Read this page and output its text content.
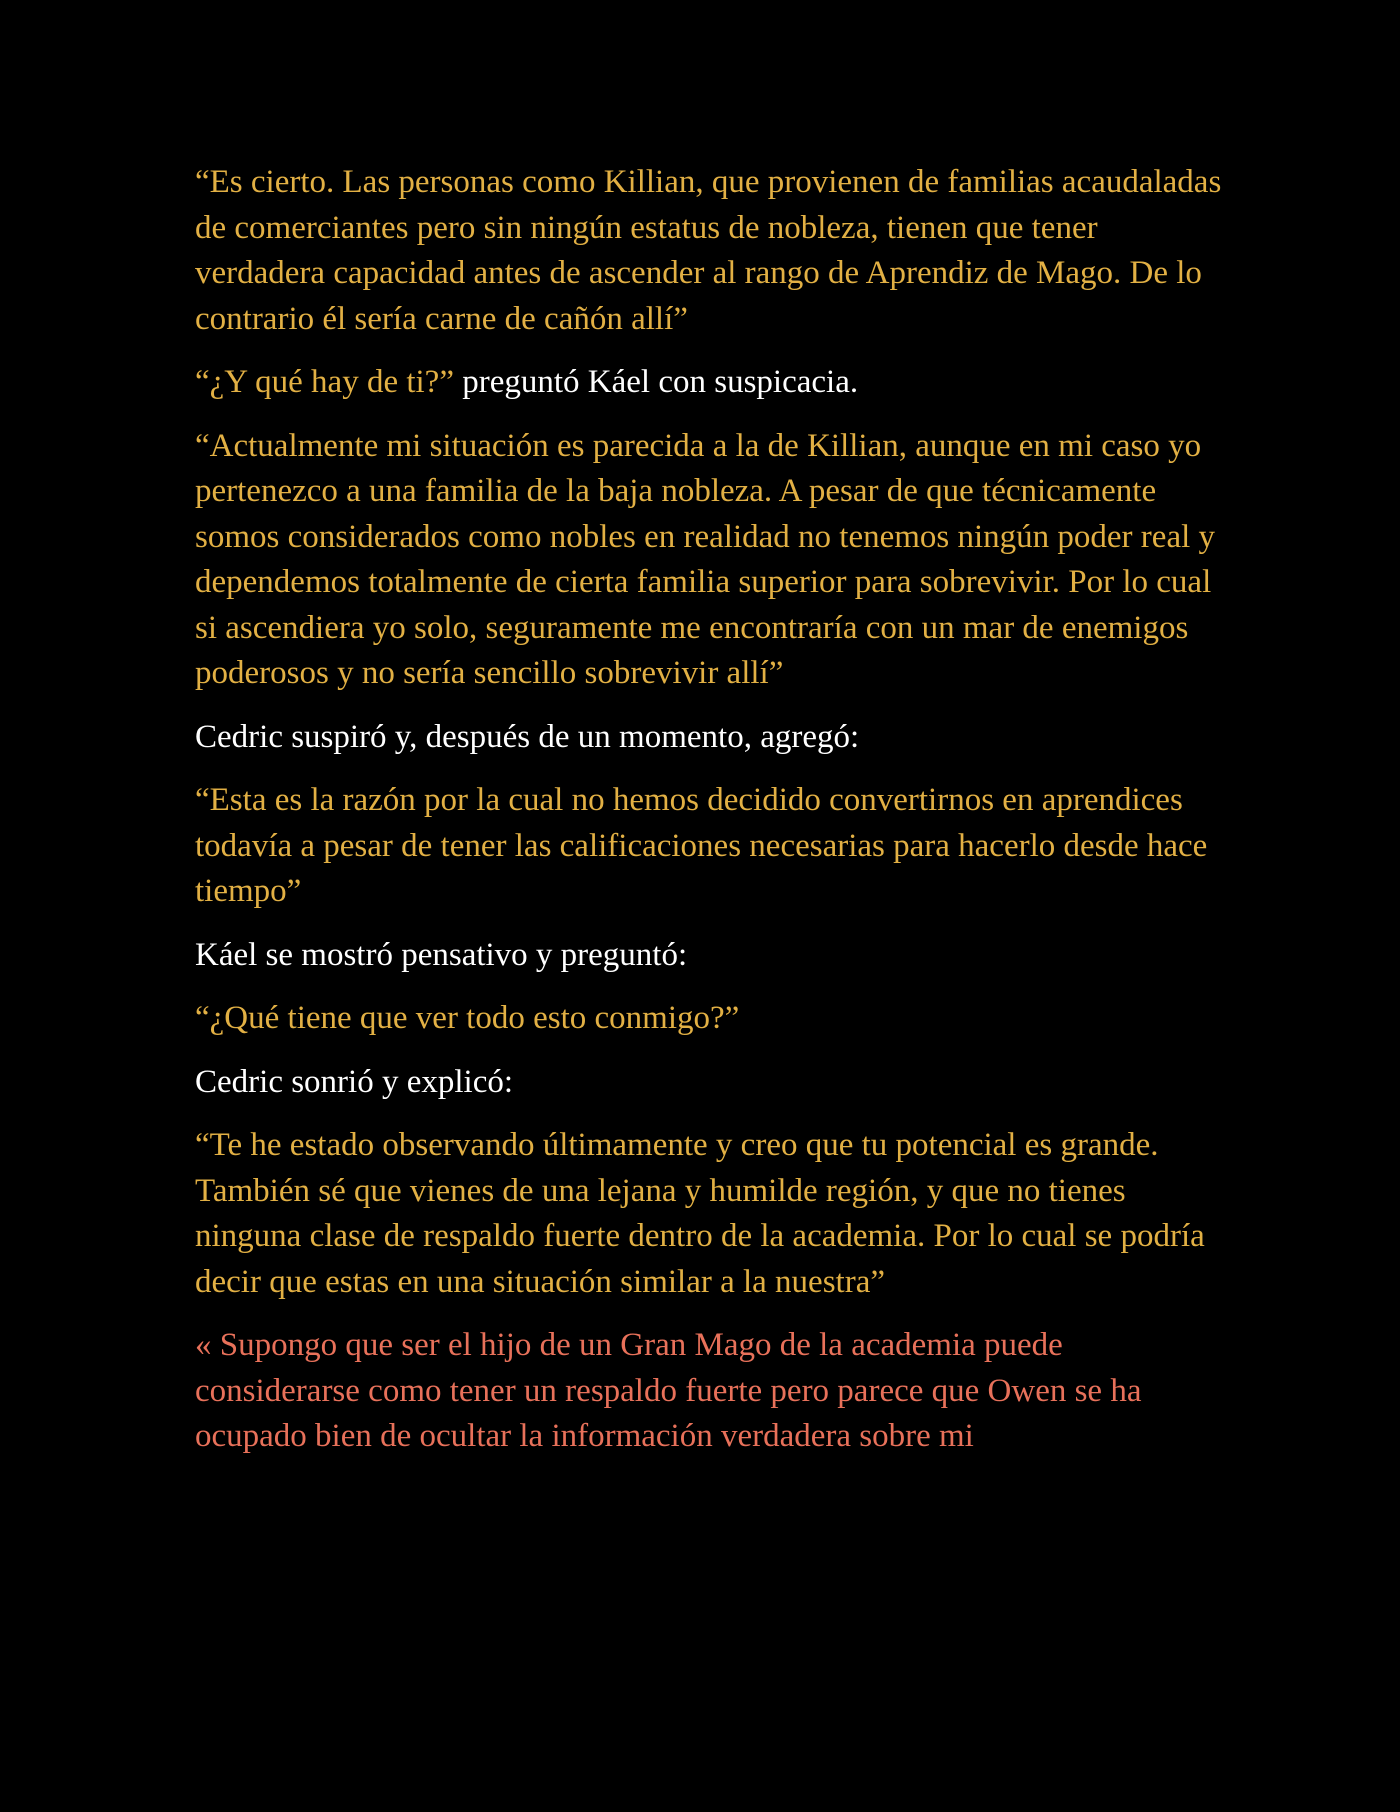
“Es cierto. Las personas como Killian, que provienen de familias acaudaladas de comerciantes pero sin ningún estatus de nobleza, tienen que tener verdadera capacidad antes de ascender al rango de Aprendiz de Mago. De lo contrario él sería carne de cañón allí”

“¿Y qué hay de ti?” preguntó Káel con suspicacia.

“Actualmente mi situación es parecida a la de Killian, aunque en mi caso yo pertenezco a una familia de la baja nobleza. A pesar de que técnicamente somos considerados como nobles en realidad no tenemos ningún poder real y dependemos totalmente de cierta familia superior para sobrevivir. Por lo cual si ascendiera yo solo, seguramente me encontraría con un mar de enemigos poderosos y no sería sencillo sobrevivir allí”

Cedric suspiró y, después de un momento, agregó:

“Esta es la razón por la cual no hemos decidido convertirnos en aprendices todavía a pesar de tener las calificaciones necesarias para hacerlo desde hace tiempo”

Káel se mostró pensativo y preguntó:

“¿Qué tiene que ver todo esto conmigo?”

Cedric sonrió y explicó:

“Te he estado observando últimamente y creo que tu potencial es grande. También sé que vienes de una lejana y humilde región, y que no tienes ninguna clase de respaldo fuerte dentro de la academia. Por lo cual se podría decir que estas en una situación similar a la nuestra”

« Supongo que ser el hijo de un Gran Mago de la academia puede considerarse como tener un respaldo fuerte pero parece que Owen se ha ocupado bien de ocultar la información verdadera sobre mi
